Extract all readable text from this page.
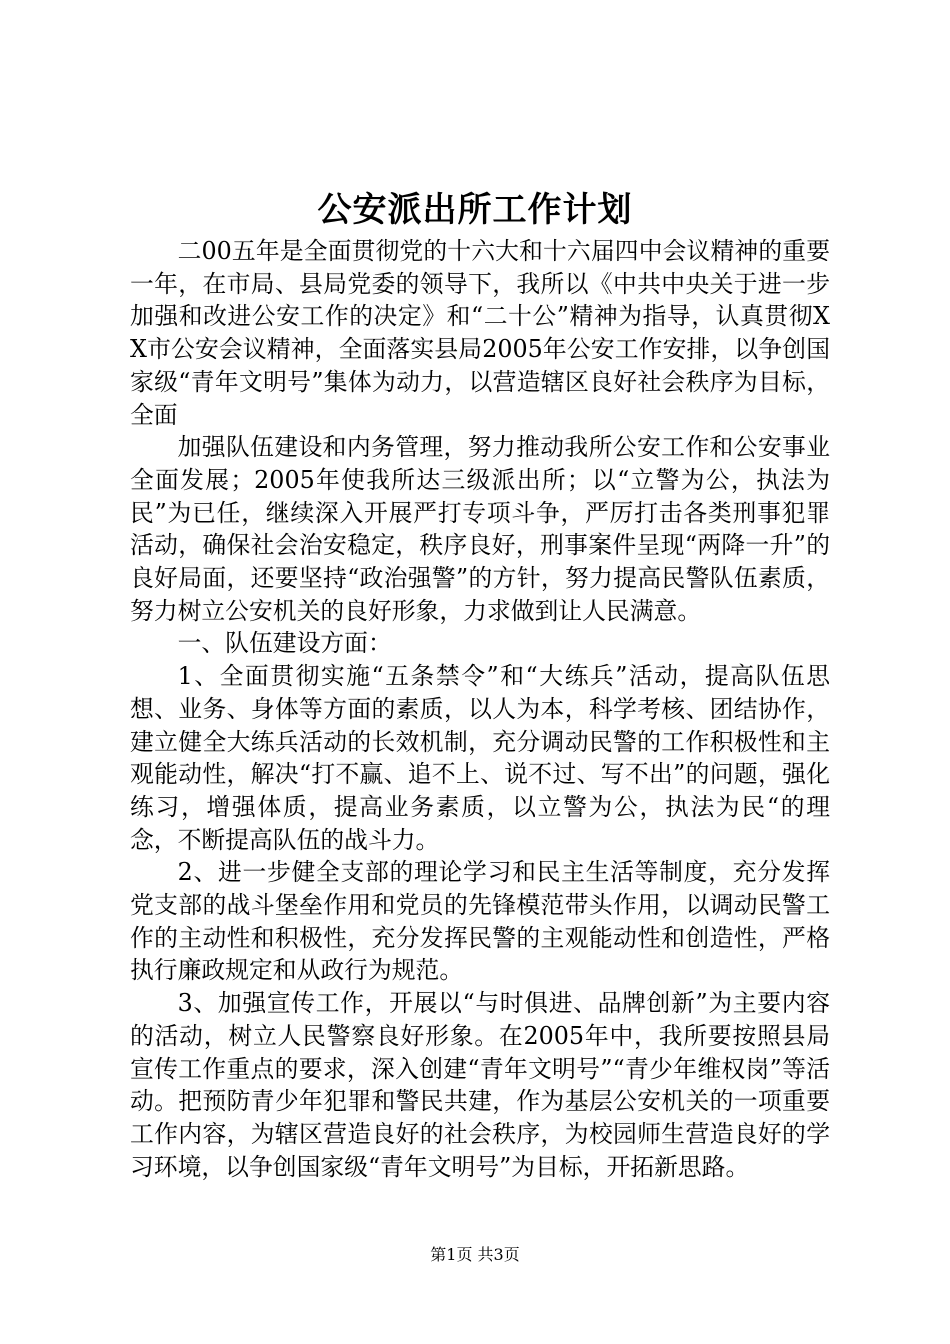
公安派出所工作计划

二00五年是全面贯彻党的十六大和十六届四中会议精神的重要一年，在市局、县局党委的领导下，我所以《中共中央关于进一步加强和改进公安工作的决定》和“二十公”精神为指导，认真贯彻XX市公安会议精神，全面落实县局2005年公安工作安排，以争创国家级“青年文明号”集体为动力，以营造辖区良好社会秩序为目标，全面

加强队伍建设和内务管理，努力推动我所公安工作和公安事业全面发展；2005年使我所达三级派出所；以“立警为公，执法为民”为已任，继续深入开展严打专项斗争，严厉打击各类刑事犯罪活动，确保社会治安稳定，秩序良好，刑事案件呈现“两降一升”的良好局面，还要坚持“政治强警”的方针，努力提高民警队伍素质，努力树立公安机关的良好形象，力求做到让人民满意。

一、队伍建设方面：

1、全面贯彻实施“五条禁令”和“大练兵”活动，提高队伍思想、业务、身体等方面的素质，以人为本，科学考核、团结协作，建立健全大练兵活动的长效机制，充分调动民警的工作积极性和主观能动性，解决“打不赢、追不上、说不过、写不出”的问题，强化练习，增强体质，提高业务素质，以立警为公，执法为民“的理念，不断提高队伍的战斗力。

2、进一步健全支部的理论学习和民主生活等制度，充分发挥党支部的战斗堡垒作用和党员的先锋模范带头作用，以调动民警工作的主动性和积极性，充分发挥民警的主观能动性和创造性，严格执行廉政规定和从政行为规范。

3、加强宣传工作，开展以“与时俱进、品牌创新”为主要内容的活动，树立人民警察良好形象。在2005年中，我所要按照县局宣传工作重点的要求，深入创建“青年文明号”“青少年维权岗”等活动。把预防青少年犯罪和警民共建，作为基层公安机关的一项重要工作内容，为辖区营造良好的社会秩序，为校园师生营造良好的学习环境，以争创国家级“青年文明号”为目标，开拓新思路。

第1页 共3页
